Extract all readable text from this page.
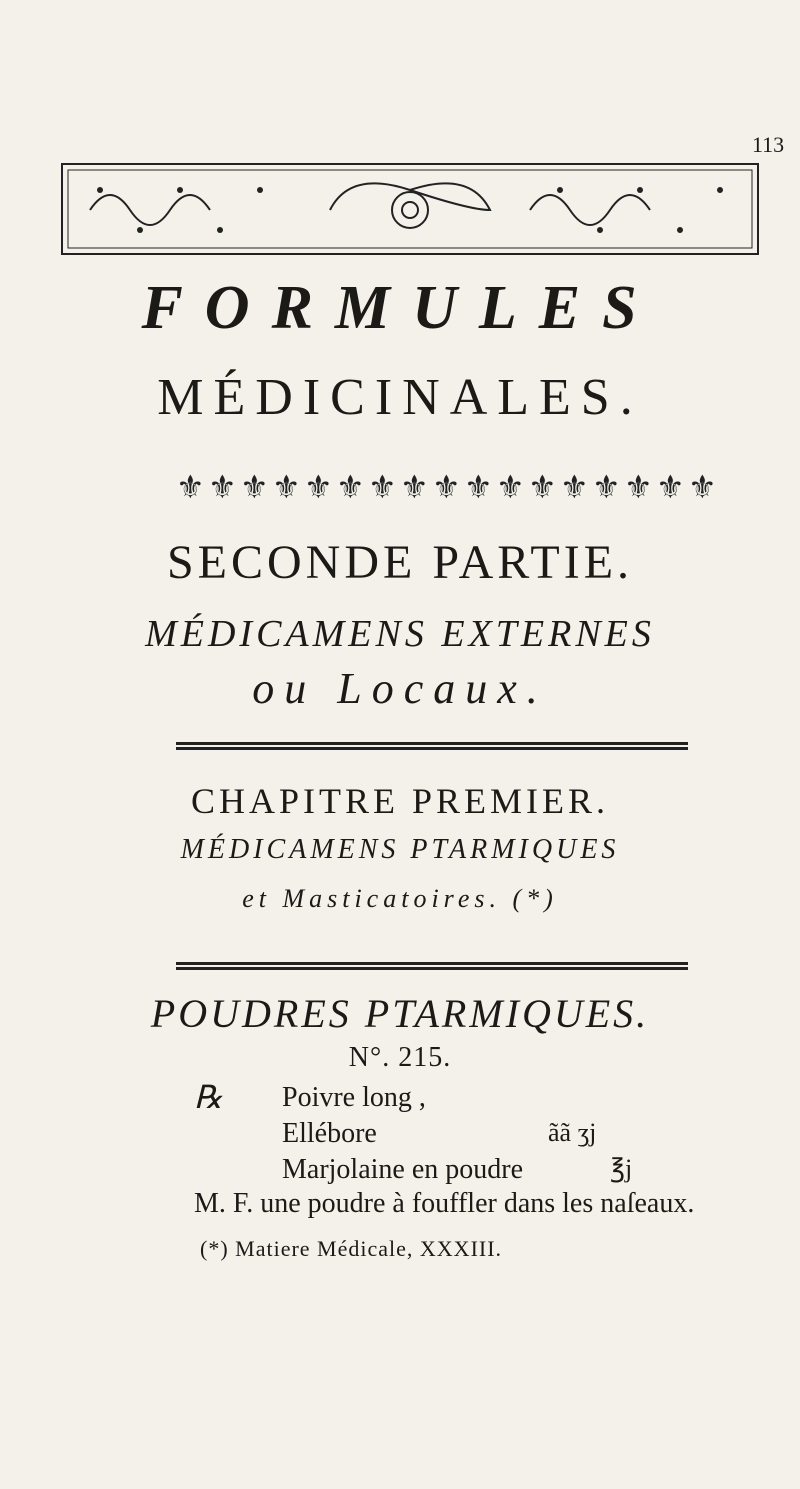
113
FORMULES
MÉDICINALES.
⚜ ⚜ ⚜ ⚜ ⚜ ⚜ ⚜ ⚜ ⚜ ⚜ ⚜ ⚜ ⚜ ⚜ ⚜ ⚜ ⚜
SECONDE PARTIE.
MÉDICAMENS EXTERNES
ou Locaux.
CHAPITRE PREMIER.
MÉDICAMENS PTARMIQUES
et Masticatoires. (*)
POUDRES PTARMIQUES.
N°. 215.
℞ Poivre long ,
Ellébore	ãã ʒj
Marjolaine en poudre	℥j
M. F. une poudre à fouffler dans les naſeaux.
(*) Matiere Médicale, XXXIII.
